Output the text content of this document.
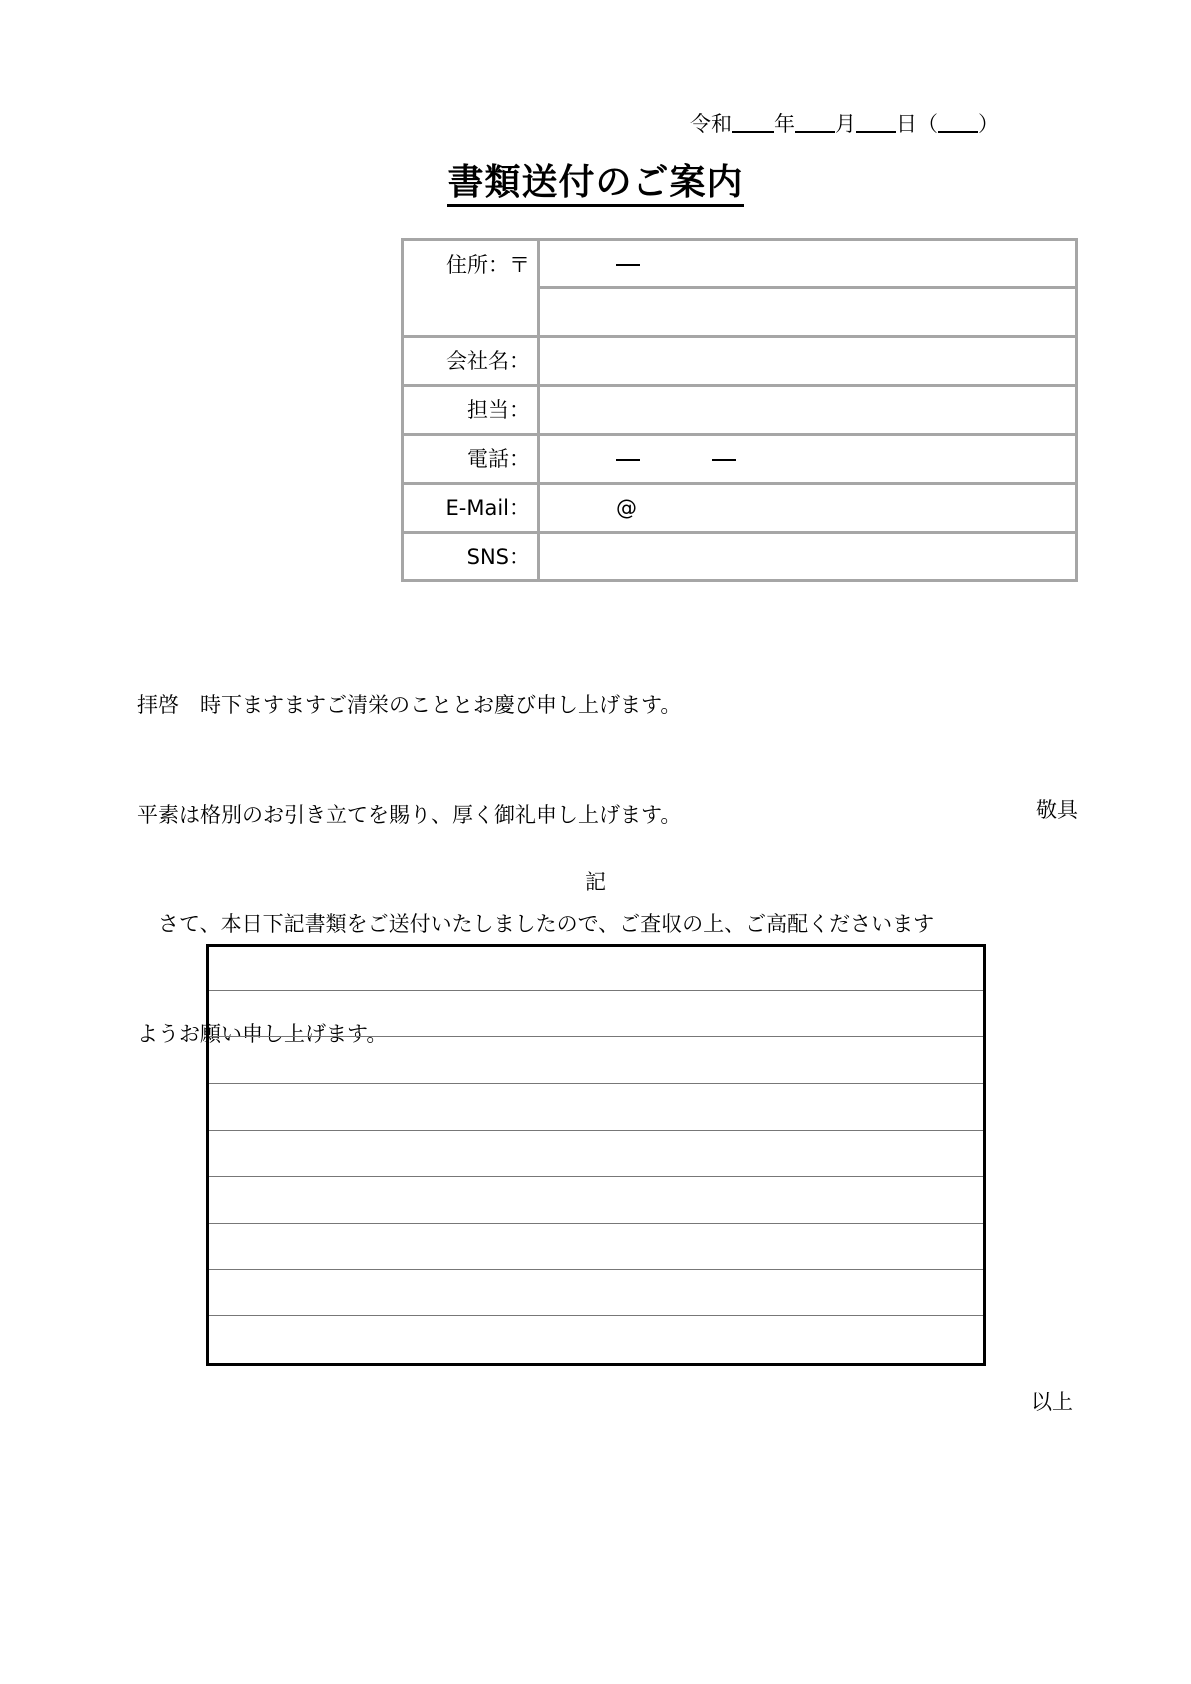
令和 年 月 日（ ）
書類送付のご案内
住所：〒
会社名：
担当：
電話：
E-Mail：	@
SNS：

拝啓　時下ますますご清栄のこととお慶び申し上げます。

平素は格別のお引き立てを賜り、厚く御礼申し上げます。

　さて、本日下記書類をご送付いたしましたので、ご査収の上、ご高配くださいます

ようお願い申し上げます。

敬具
記
以上
